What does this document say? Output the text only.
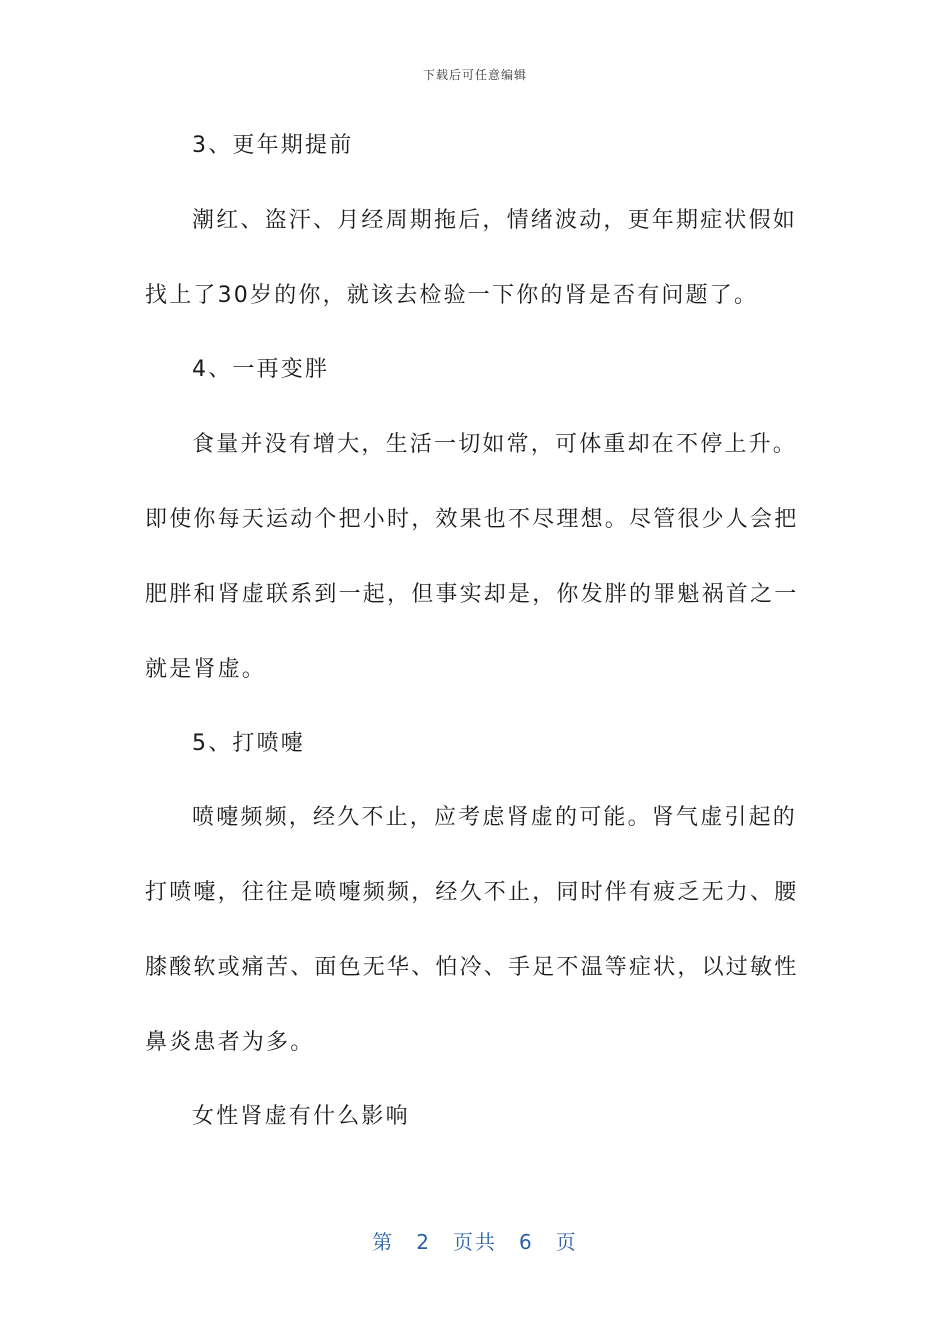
下载后可任意编辑
3、更年期提前
潮红、盗汗、月经周期拖后，情绪波动，更年期症状假如
找上了30岁的你，就该去检验一下你的肾是否有问题了。
4、一再变胖
食量并没有增大，生活一切如常，可体重却在不停上升。
即使你每天运动个把小时，效果也不尽理想。尽管很少人会把
肥胖和肾虚联系到一起，但事实却是，你发胖的罪魁祸首之一
就是肾虚。
5、打喷嚏
喷嚏频频，经久不止，应考虑肾虚的可能。肾气虚引起的
打喷嚏，往往是喷嚏频频，经久不止，同时伴有疲乏无力、腰
膝酸软或痛苦、面色无华、怕冷、手足不温等症状，以过敏性
鼻炎患者为多。
女性肾虚有什么影响
第 2 页共 6 页
